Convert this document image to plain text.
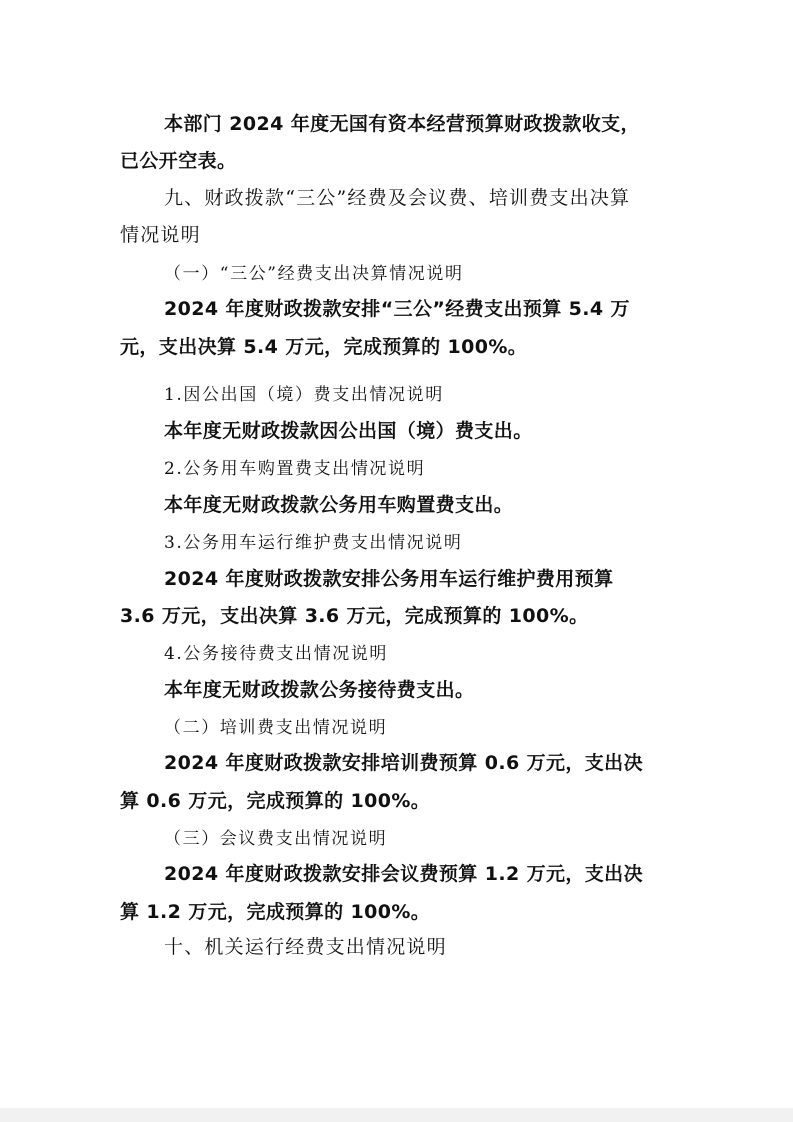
本部门 2024 年度无国有资本经营预算财政拨款收支，

已公开空表。

九、财政拨款“三公”经费及会议费、培训费支出决算

情况说明

（一）“三公”经费支出决算情况说明

2024 年度财政拨款安排“三公”经费支出预算 5.4 万

元，支出决算 5.4 万元，完成预算的 100%。

1.因公出国（境）费支出情况说明

本年度无财政拨款因公出国（境）费支出。

2.公务用车购置费支出情况说明

本年度无财政拨款公务用车购置费支出。

3.公务用车运行维护费支出情况说明

2024 年度财政拨款安排公务用车运行维护费用预算

3.6 万元，支出决算 3.6 万元，完成预算的 100%。

4.公务接待费支出情况说明

本年度无财政拨款公务接待费支出。

（二）培训费支出情况说明

2024 年度财政拨款安排培训费预算 0.6 万元，支出决

算 0.6 万元，完成预算的 100%。

（三）会议费支出情况说明

2024 年度财政拨款安排会议费预算 1.2 万元，支出决

算 1.2 万元，完成预算的 100%。

十、机关运行经费支出情况说明
